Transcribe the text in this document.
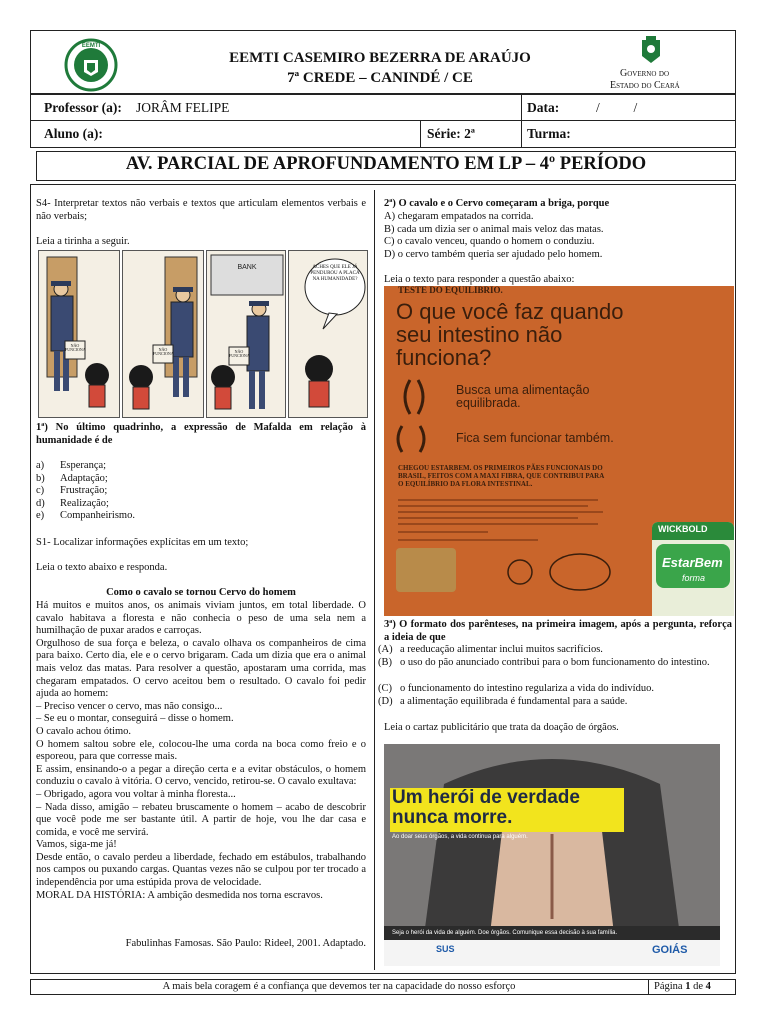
EEMTI
EEMTI CASEMIRO BEZERRA DE ARAÚJO
7ª CREDE – CANINDÉ / CE	Governo do
Estado do Ceará
Professor (a): JORÂM FELIPE	Data:	/          /
Aluno (a):	Série: 2ª	Turma:
AV. PARCIAL DE APROFUNDAMENTO EM LP – 4º PERÍODO
S4- Interpretar textos não verbais e textos que articulam elementos verbais e não verbais;
Leia a tirinha a seguir.
NÃO FUNCIONA	NÃO FUNCIONA
BANK
NÃO FUNCIONA
ACHES QUE ELE JÁ PENDUROU A PLACA NA HUMANIDADE?
1ª) No último quadrinho, a expressão de Mafalda em relação à humanidade é de
a) Esperança;
b) Adaptação;
c) Frustração;
d) Realização;
e) Companheirismo.
S1- Localizar informações explícitas em um texto;
Leia o texto abaixo e responda.
Como o cavalo se tornou Cervo do homem

Há muitos e muitos anos, os animais viviam juntos, em total liberdade. O cavalo habitava a floresta e não conhecia o peso de uma sela nem a humilhação de puxar arados e carroças.

Orgulhoso de sua força e beleza, o cavalo olhava os companheiros de cima para baixo. Certo dia, ele e o cervo brigaram. Cada um dizia que era o animal mais veloz das matas. Para resolver a questão, apostaram uma corrida, mas chegaram empatados. O cervo aceitou bem o resultado. O cavalo foi pedir ajuda ao homem:

– Preciso vencer o cervo, mas não consigo...

– Se eu o montar, conseguirá – disse o homem.

O cavalo achou ótimo.

O homem saltou sobre ele, colocou-lhe uma corda na boca como freio e o esporeou, para que corresse mais.

E assim, ensinando-o a pegar a direção certa e a evitar obstáculos, o homem conduziu o cavalo à vitória. O cervo, vencido, retirou-se. O cavalo exultava:

– Obrigado, agora vou voltar à minha floresta...

– Nada disso, amigão – rebateu bruscamente o homem – acabo de descobrir que você pode me ser bastante útil. A partir de hoje, vou lhe dar casa e comida, e você me servirá.

Vamos, siga-me já!

Desde então, o cavalo perdeu a liberdade, fechado em estábulos, trabalhando nos campos ou puxando cargas. Quantas vezes não se culpou por ter trocado a independência por uma estúpida prova de velocidade.

MORAL DA HISTÓRIA: A ambição desmedida nos torna escravos.

Fabulinhas Famosas. São Paulo: Rideel, 2001. Adaptado.
2ª) O cavalo e o Cervo começaram a briga, porque
A) chegaram empatados na corrida.
B) cada um dizia ser o animal mais veloz das matas.
C) o cavalo venceu, quando o homem o conduziu.
D) o cervo também queria ser ajudado pelo homem.
Leia o texto para responder a questão abaixo:
TESTE DO EQUILÍBRIO.
O que você faz quando seu intestino não funciona?
Busca uma alimentação equilibrada.
Fica sem funcionar também.
CHEGOU ESTARBEM. OS PRIMEIROS PÃES FUNCIONAIS DO BRASIL, FEITOS COM A MAXI FIBRA, QUE CONTRIBUI PARA O EQUILÍBRIO DA FLORA INTESTINAL.
WICKBOLD
EstarBem
forma
3ª) O formato dos parênteses, na primeira imagem, após a pergunta, reforça a ideia de que
(A) a reeducação alimentar inclui muitos sacrifícios.
(B) o uso do pão anunciado contribui para o bom funcionamento do intestino.
(C) o funcionamento do intestino regulariza a vida do indivíduo.
(D) a alimentação equilibrada é fundamental para a saúde.
Leia o cartaz publicitário que trata da doação de órgãos.
Um herói de verdade
nunca morre.
Ao doar seus órgãos, a vida continua para alguém.
Seja o herói da vida de alguém. Doe órgãos. Comunique essa decisão à sua família.
SUS	GOIÁS
A mais bela coragem é a confiança que devemos ter na capacidade do nosso esforço	Página 1 de 4
